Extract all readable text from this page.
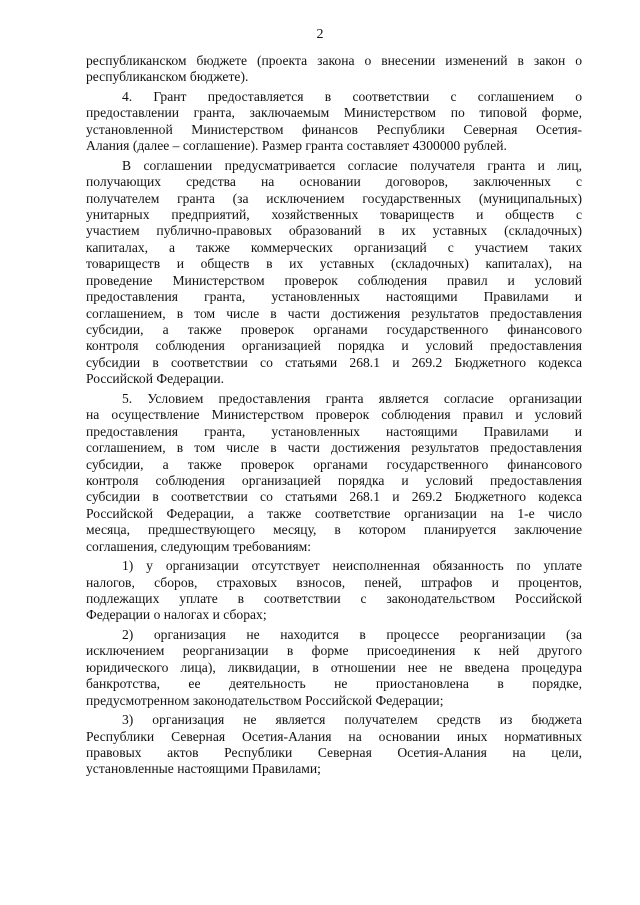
2
республиканском бюджете (проекта закона о внесении изменений в закон о
республиканском бюджете).
4. Грант предоставляется в соответствии с соглашением о
предоставлении гранта, заключаемым Министерством по типовой форме,
установленной Министерством финансов Республики Северная Осетия-
Алания (далее – соглашение). Размер гранта составляет 4300000 рублей.
В соглашении предусматривается согласие получателя гранта и лиц,
получающих средства на основании договоров, заключенных с
получателем гранта (за исключением государственных (муниципальных)
унитарных предприятий, хозяйственных товариществ и обществ с
участием публично-правовых образований в их уставных (складочных)
капиталах, а также коммерческих организаций с участием таких
товариществ и обществ в их уставных (складочных) капиталах), на
проведение Министерством проверок соблюдения правил и условий
предоставления гранта, установленных настоящими Правилами и
соглашением, в том числе в части достижения результатов предоставления
субсидии, а также проверок органами государственного финансового
контроля соблюдения организацией порядка и условий предоставления
субсидии в соответствии со статьями 268.1 и 269.2 Бюджетного кодекса
Российской Федерации.
5. Условием предоставления гранта является согласие организации
на осуществление Министерством проверок соблюдения правил и условий
предоставления гранта, установленных настоящими Правилами и
соглашением, в том числе в части достижения результатов предоставления
субсидии, а также проверок органами государственного финансового
контроля соблюдения организацией порядка и условий предоставления
субсидии в соответствии со статьями 268.1 и 269.2 Бюджетного кодекса
Российской Федерации, а также соответствие организации на 1-е число
месяца, предшествующего месяцу, в котором планируется заключение
соглашения, следующим требованиям:
1) у организации отсутствует неисполненная обязанность по уплате
налогов, сборов, страховых взносов, пеней, штрафов и процентов,
подлежащих уплате в соответствии с законодательством Российской
Федерации о налогах и сборах;
2) организация не находится в процессе реорганизации (за
исключением реорганизации в форме присоединения к ней другого
юридического лица), ликвидации, в отношении нее не введена процедура
банкротства, ее деятельность не приостановлена в порядке,
предусмотренном законодательством Российской Федерации;
3) организация не является получателем средств из бюджета
Республики Северная Осетия-Алания на основании иных нормативных
правовых актов Республики Северная Осетия-Алания на цели,
установленные настоящими Правилами;
